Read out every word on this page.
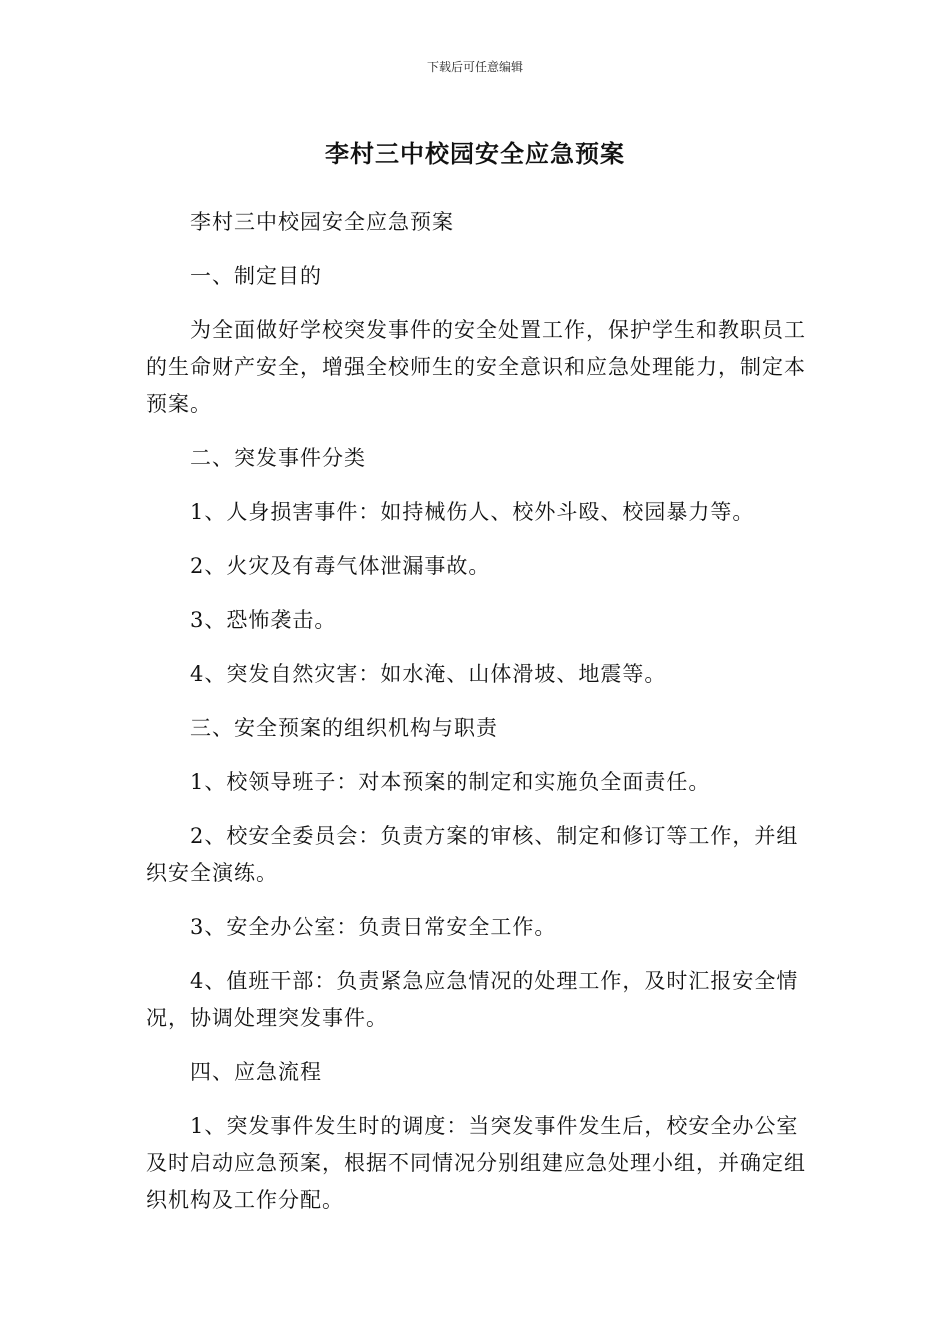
下载后可任意编辑
李村三中校园安全应急预案

李村三中校园安全应急预案

一、制定目的

为全面做好学校突发事件的安全处置工作，保护学生和教职员工的生命财产安全，增强全校师生的安全意识和应急处理能力，制定本预案。

二、突发事件分类

1、人身损害事件：如持械伤人、校外斗殴、校园暴力等。

2、火灾及有毒气体泄漏事故。

3、恐怖袭击。

4、突发自然灾害：如水淹、山体滑坡、地震等。

三、安全预案的组织机构与职责

1、校领导班子：对本预案的制定和实施负全面责任。

2、校安全委员会：负责方案的审核、制定和修订等工作，并组织安全演练。

3、安全办公室：负责日常安全工作。

4、值班干部：负责紧急应急情况的处理工作，及时汇报安全情况，协调处理突发事件。

四、应急流程

1、突发事件发生时的调度：当突发事件发生后，校安全办公室及时启动应急预案，根据不同情况分别组建应急处理小组，并确定组织机构及工作分配。
